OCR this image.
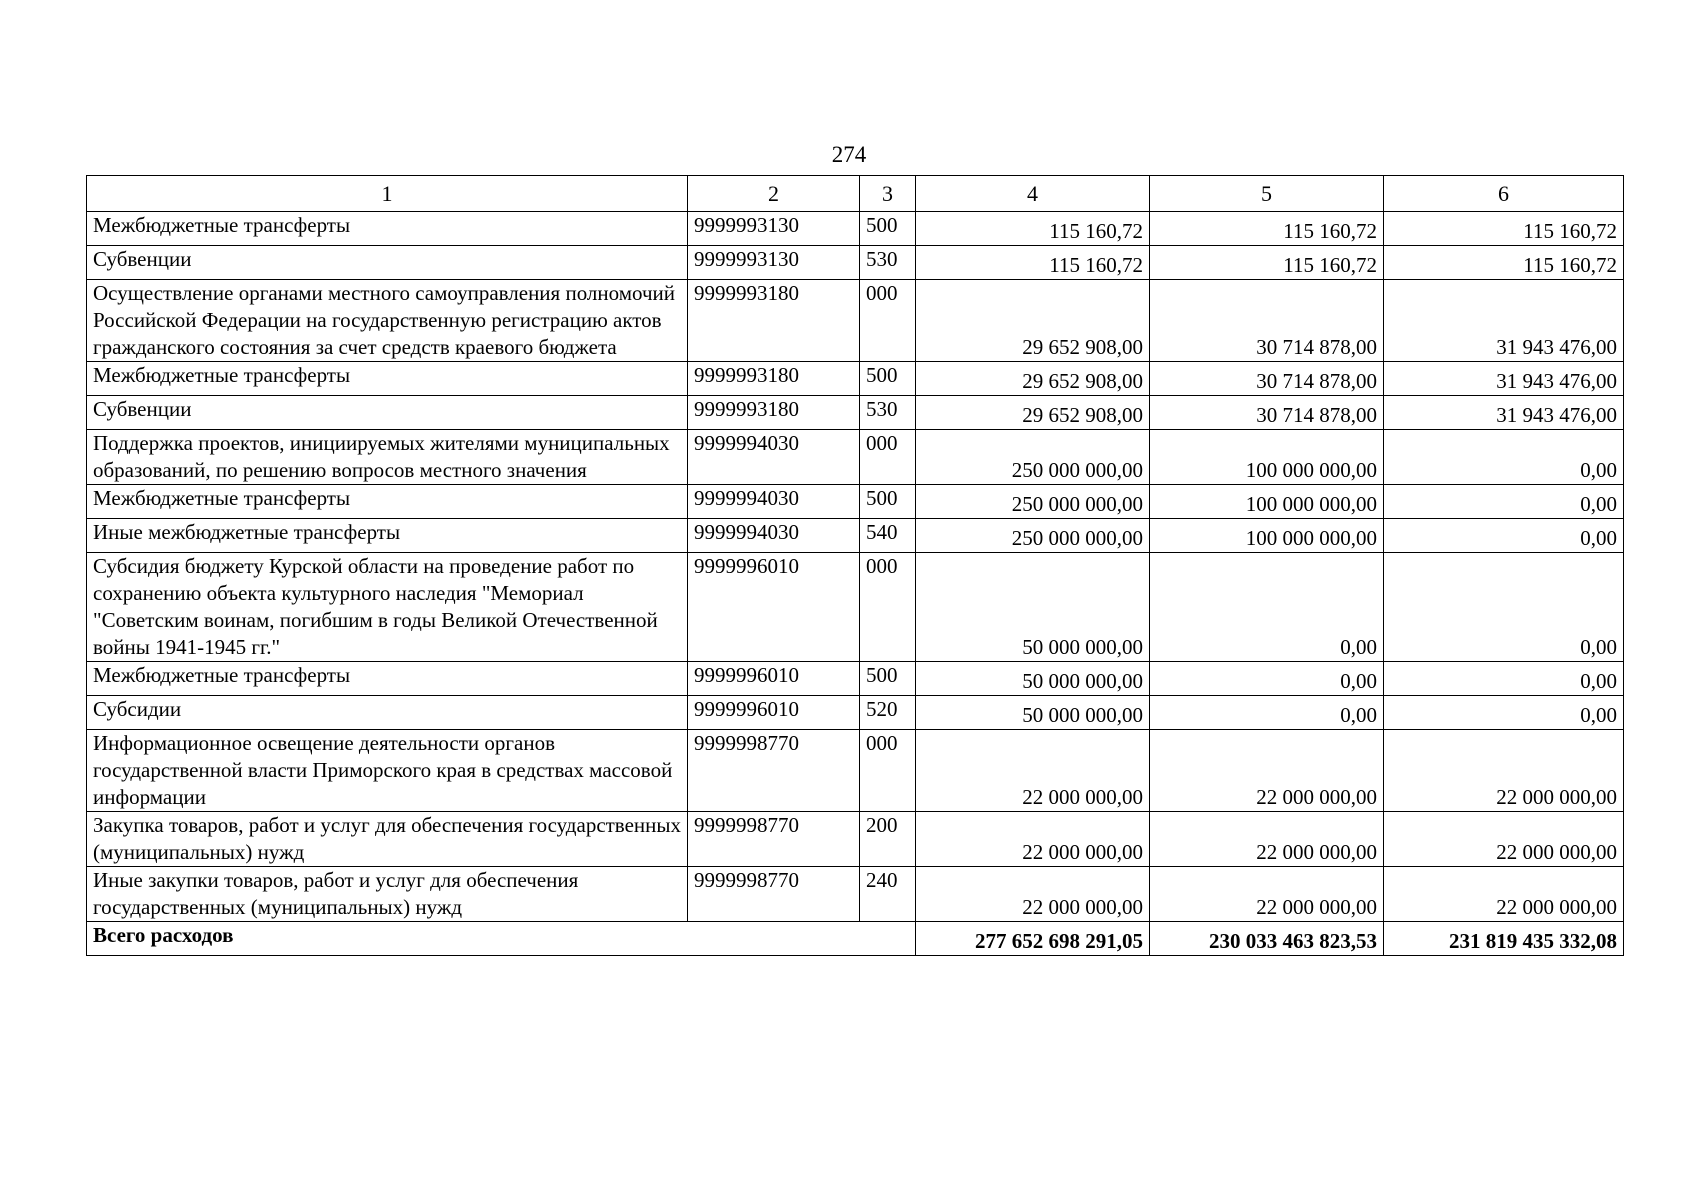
274
1	2	3	4	5	6
Межбюджетные трансферты	9999993130	500	115 160,72	115 160,72	115 160,72
Субвенции	9999993130	530	115 160,72	115 160,72	115 160,72
Осуществление органами местного самоуправления полномочий Российской Федерации на государственную регистрацию актов гражданского состояния за счет средств краевого бюджета	9999993180	000	29 652 908,00	30 714 878,00	31 943 476,00
Межбюджетные трансферты	9999993180	500	29 652 908,00	30 714 878,00	31 943 476,00
Субвенции	9999993180	530	29 652 908,00	30 714 878,00	31 943 476,00
Поддержка проектов, инициируемых жителями муниципальных образований, по решению вопросов местного значения	9999994030	000	250 000 000,00	100 000 000,00	0,00
Межбюджетные трансферты	9999994030	500	250 000 000,00	100 000 000,00	0,00
Иные межбюджетные трансферты	9999994030	540	250 000 000,00	100 000 000,00	0,00
Субсидия бюджету Курской области на проведение работ по сохранению объекта культурного наследия "Мемориал "Советским воинам, погибшим в годы Великой Отечественной войны 1941-1945 гг."	9999996010	000	50 000 000,00	0,00	0,00
Межбюджетные трансферты	9999996010	500	50 000 000,00	0,00	0,00
Субсидии	9999996010	520	50 000 000,00	0,00	0,00
Информационное освещение деятельности органов государственной власти Приморского края в средствах массовой информации	9999998770	000	22 000 000,00	22 000 000,00	22 000 000,00
Закупка товаров, работ и услуг для обеспечения государственных (муниципальных) нужд	9999998770	200	22 000 000,00	22 000 000,00	22 000 000,00
Иные закупки товаров, работ и услуг для обеспечения государственных (муниципальных) нужд	9999998770	240	22 000 000,00	22 000 000,00	22 000 000,00
Всего расходов			277 652 698 291,05	230 033 463 823,53	231 819 435 332,08
